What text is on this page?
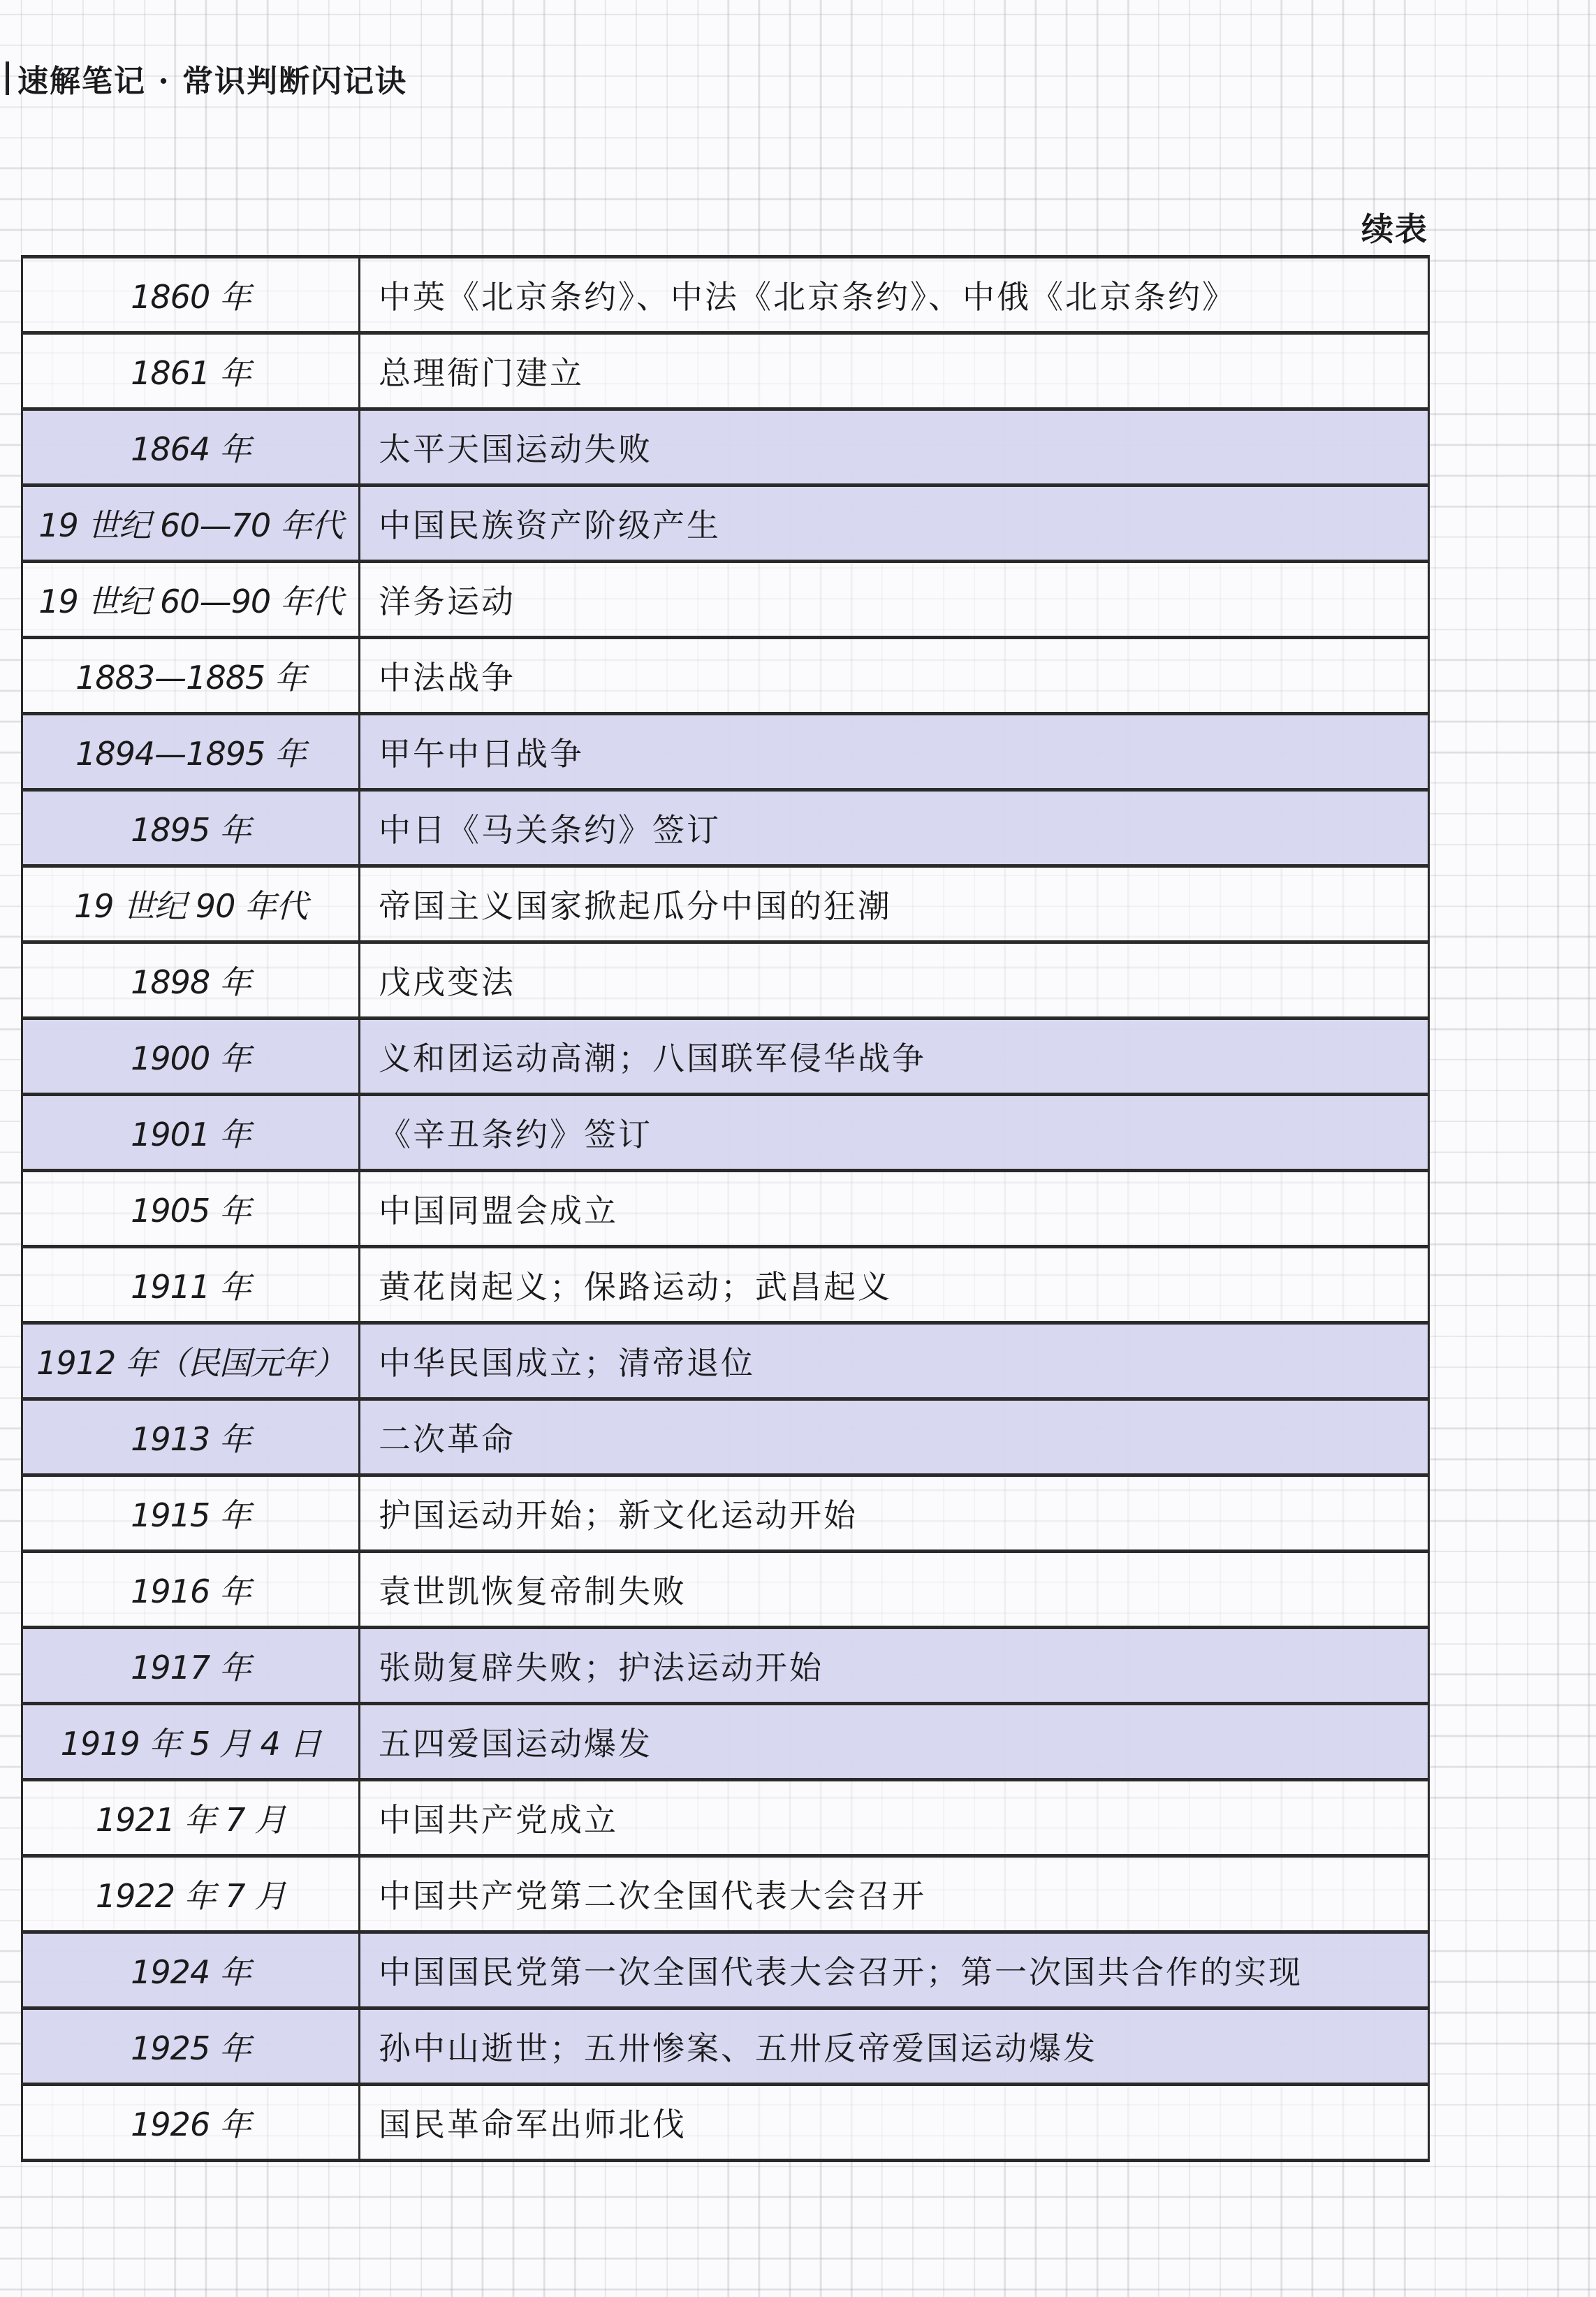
速解笔记 · 常识判断闪记诀
续表
1860 年	中英《北京条约》、中法《北京条约》、中俄《北京条约》
1861 年	总理衙门建立
1864 年	太平天国运动失败
19 世纪 60—70 年代	中国民族资产阶级产生
19 世纪 60—90 年代	洋务运动
1883—1885 年	中法战争
1894—1895 年	甲午中日战争
1895 年	中日《马关条约》签订
19 世纪 90 年代	帝国主义国家掀起瓜分中国的狂潮
1898 年	戊戌变法
1900 年	义和团运动高潮；八国联军侵华战争
1901 年	《辛丑条约》签订
1905 年	中国同盟会成立
1911 年	黄花岗起义；保路运动；武昌起义
1912 年（民国元年）	中华民国成立；清帝退位
1913 年	二次革命
1915 年	护国运动开始；新文化运动开始
1916 年	袁世凯恢复帝制失败
1917 年	张勋复辟失败；护法运动开始
1919 年 5 月 4 日	五四爱国运动爆发
1921 年 7 月	中国共产党成立
1922 年 7 月	中国共产党第二次全国代表大会召开
1924 年	中国国民党第一次全国代表大会召开；第一次国共合作的实现
1925 年	孙中山逝世；五卅惨案、五卅反帝爱国运动爆发
1926 年	国民革命军出师北伐
